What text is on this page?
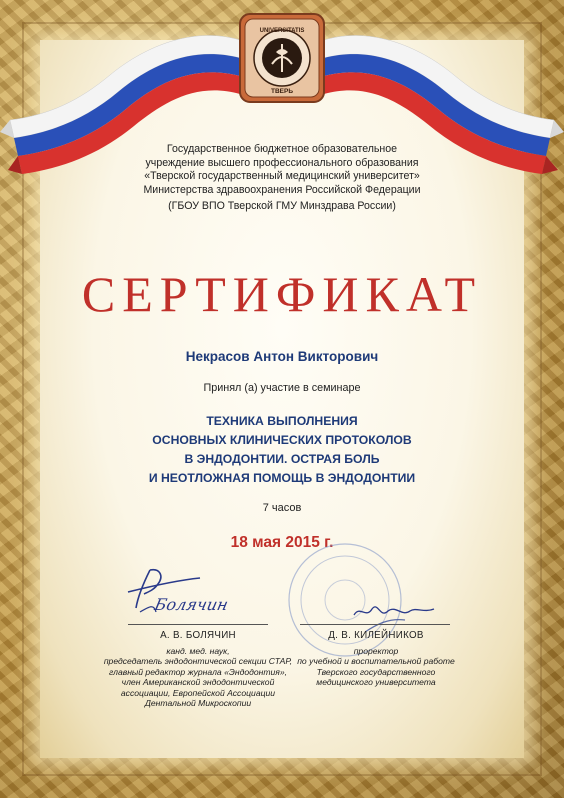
UNIVERSITATIS
ТВЕРЬ
Государственное бюджетное образовательное
учреждение высшего профессионального образования
«Тверской государственный медицинский университет»
Министерства здравоохранения Российской Федерации
(ГБОУ ВПО Тверской ГМУ Минздрава России)
СЕРТИФИКАТ
Некрасов Антон Викторович
Принял (а) участие в семинаре
ТЕХНИКА ВЫПОЛНЕНИЯ
ОСНОВНЫХ КЛИНИЧЕСКИХ ПРОТОКОЛОВ
В ЭНДОДОНТИИ. ОСТРАЯ БОЛЬ
И НЕОТЛОЖНАЯ ПОМОЩЬ В ЭНДОДОНТИИ
7 часов
18 мая 2015 г.
Болячин
А. В. БОЛЯЧИН
канд. мед. наук,
председатель эндодонтической секции СТАР,
главный редактор журнала «Эндодонтия»,
член Американской эндодонтической
ассоциации, Европейской Ассоциации
Дентальной Микроскопии
Д. В. КИЛЕЙНИКОВ
проректор
по учебной и воспитательной работе
Тверского государственного
медицинского университета
